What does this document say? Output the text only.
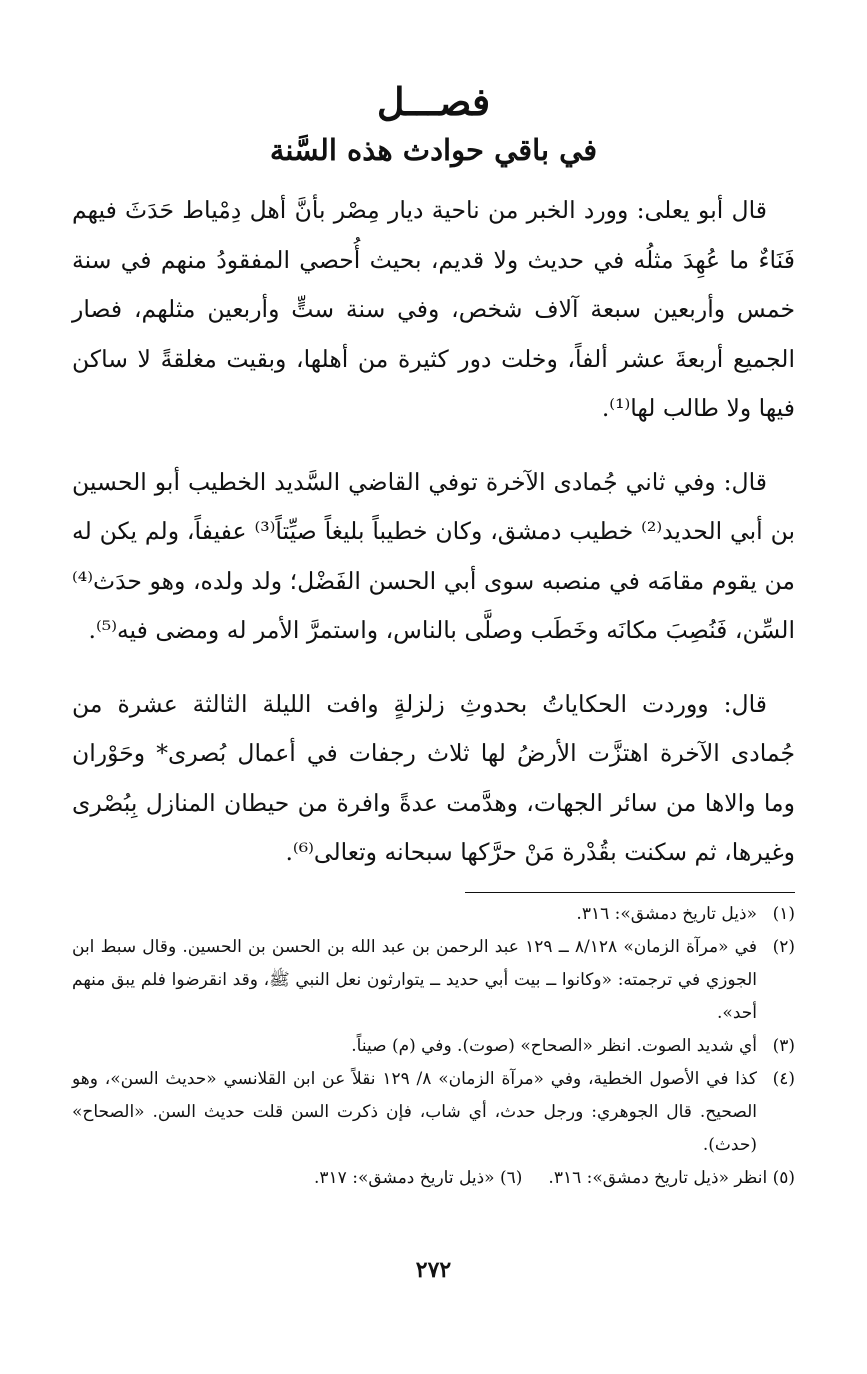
فصـــل
في باقي حوادث هذه السَّنة

قال أبو يعلى: وورد الخبر من ناحية ديار مِصْر بأنَّ أهل دِمْياط حَدَثَ فيهم فَنَاءٌ ما عُهِدَ مثلُه في حديث ولا قديم، بحيث أُحصي المفقودُ منهم في سنة خمس وأربعين سبعة آلاف شخص، وفي سنة ستٍّ وأربعين مثلهم، فصار الجميع أربعةَ عشر ألفاً، وخلت دور كثيرة من أهلها، وبقيت مغلقةً لا ساكن فيها ولا طالب لها⁽¹⁾.

قال: وفي ثاني جُمادى الآخرة توفي القاضي السَّديد الخطيب أبو الحسين بن أبي الحديد⁽²⁾ خطيب دمشق، وكان خطيباً بليغاً صيِّتاً⁽³⁾ عفيفاً، ولم يكن له من يقوم مقامَه في منصبه سوى أبي الحسن الفَضْل؛ ولد ولده، وهو حدَث⁽⁴⁾ السِّن، فَنُصِبَ مكانَه وخَطَب وصلَّى بالناس، واستمرَّ الأمر له ومضى فيه⁽⁵⁾.

قال: ووردت الحكاياتُ بحدوثِ زلزلةٍ وافت الليلة الثالثة عشرة من جُمادى الآخرة اهتزَّت الأرضُ لها ثلاث رجفات في أعمال بُصرى* وحَوْران وما والاها من سائر الجهات، وهدَّمت عدةً وافرة من حيطان المنازل بِبُصْرى وغيرها، ثم سكنت بقُدْرة مَنْ حرَّكها سبحانه وتعالى⁽⁶⁾.

(١)
«ذيل تاريخ دمشق»: ٣١٦.

(٢)
في «مرآة الزمان» ٨/١٢٨ ــ ١٢٩ عبد الرحمن بن عبد الله بن الحسن بن الحسين. وقال سبط ابن الجوزي في ترجمته: «وكانوا ــ بيت أبي حديد ــ يتوارثون نعل النبي ﷺ، وقد انقرضوا فلم يبق منهم أحد».

(٣)
أي شديد الصوت. انظر «الصحاح» (صوت). وفي (م) صيناً.

(٤)
كذا في الأصول الخطية، وفي «مرآة الزمان» ٨/ ١٢٩ نقلاً عن ابن القلانسي «حديث السن»، وهو الصحيح. قال الجوهري: ورجل حدث، أي شاب، فإن ذكرت السن قلت حديث السن. «الصحاح» (حدث).

(٥) انظر «ذيل تاريخ دمشق»: ٣١٦.
(٦) «ذيل تاريخ دمشق»: ٣١٧.
٢٧٢
